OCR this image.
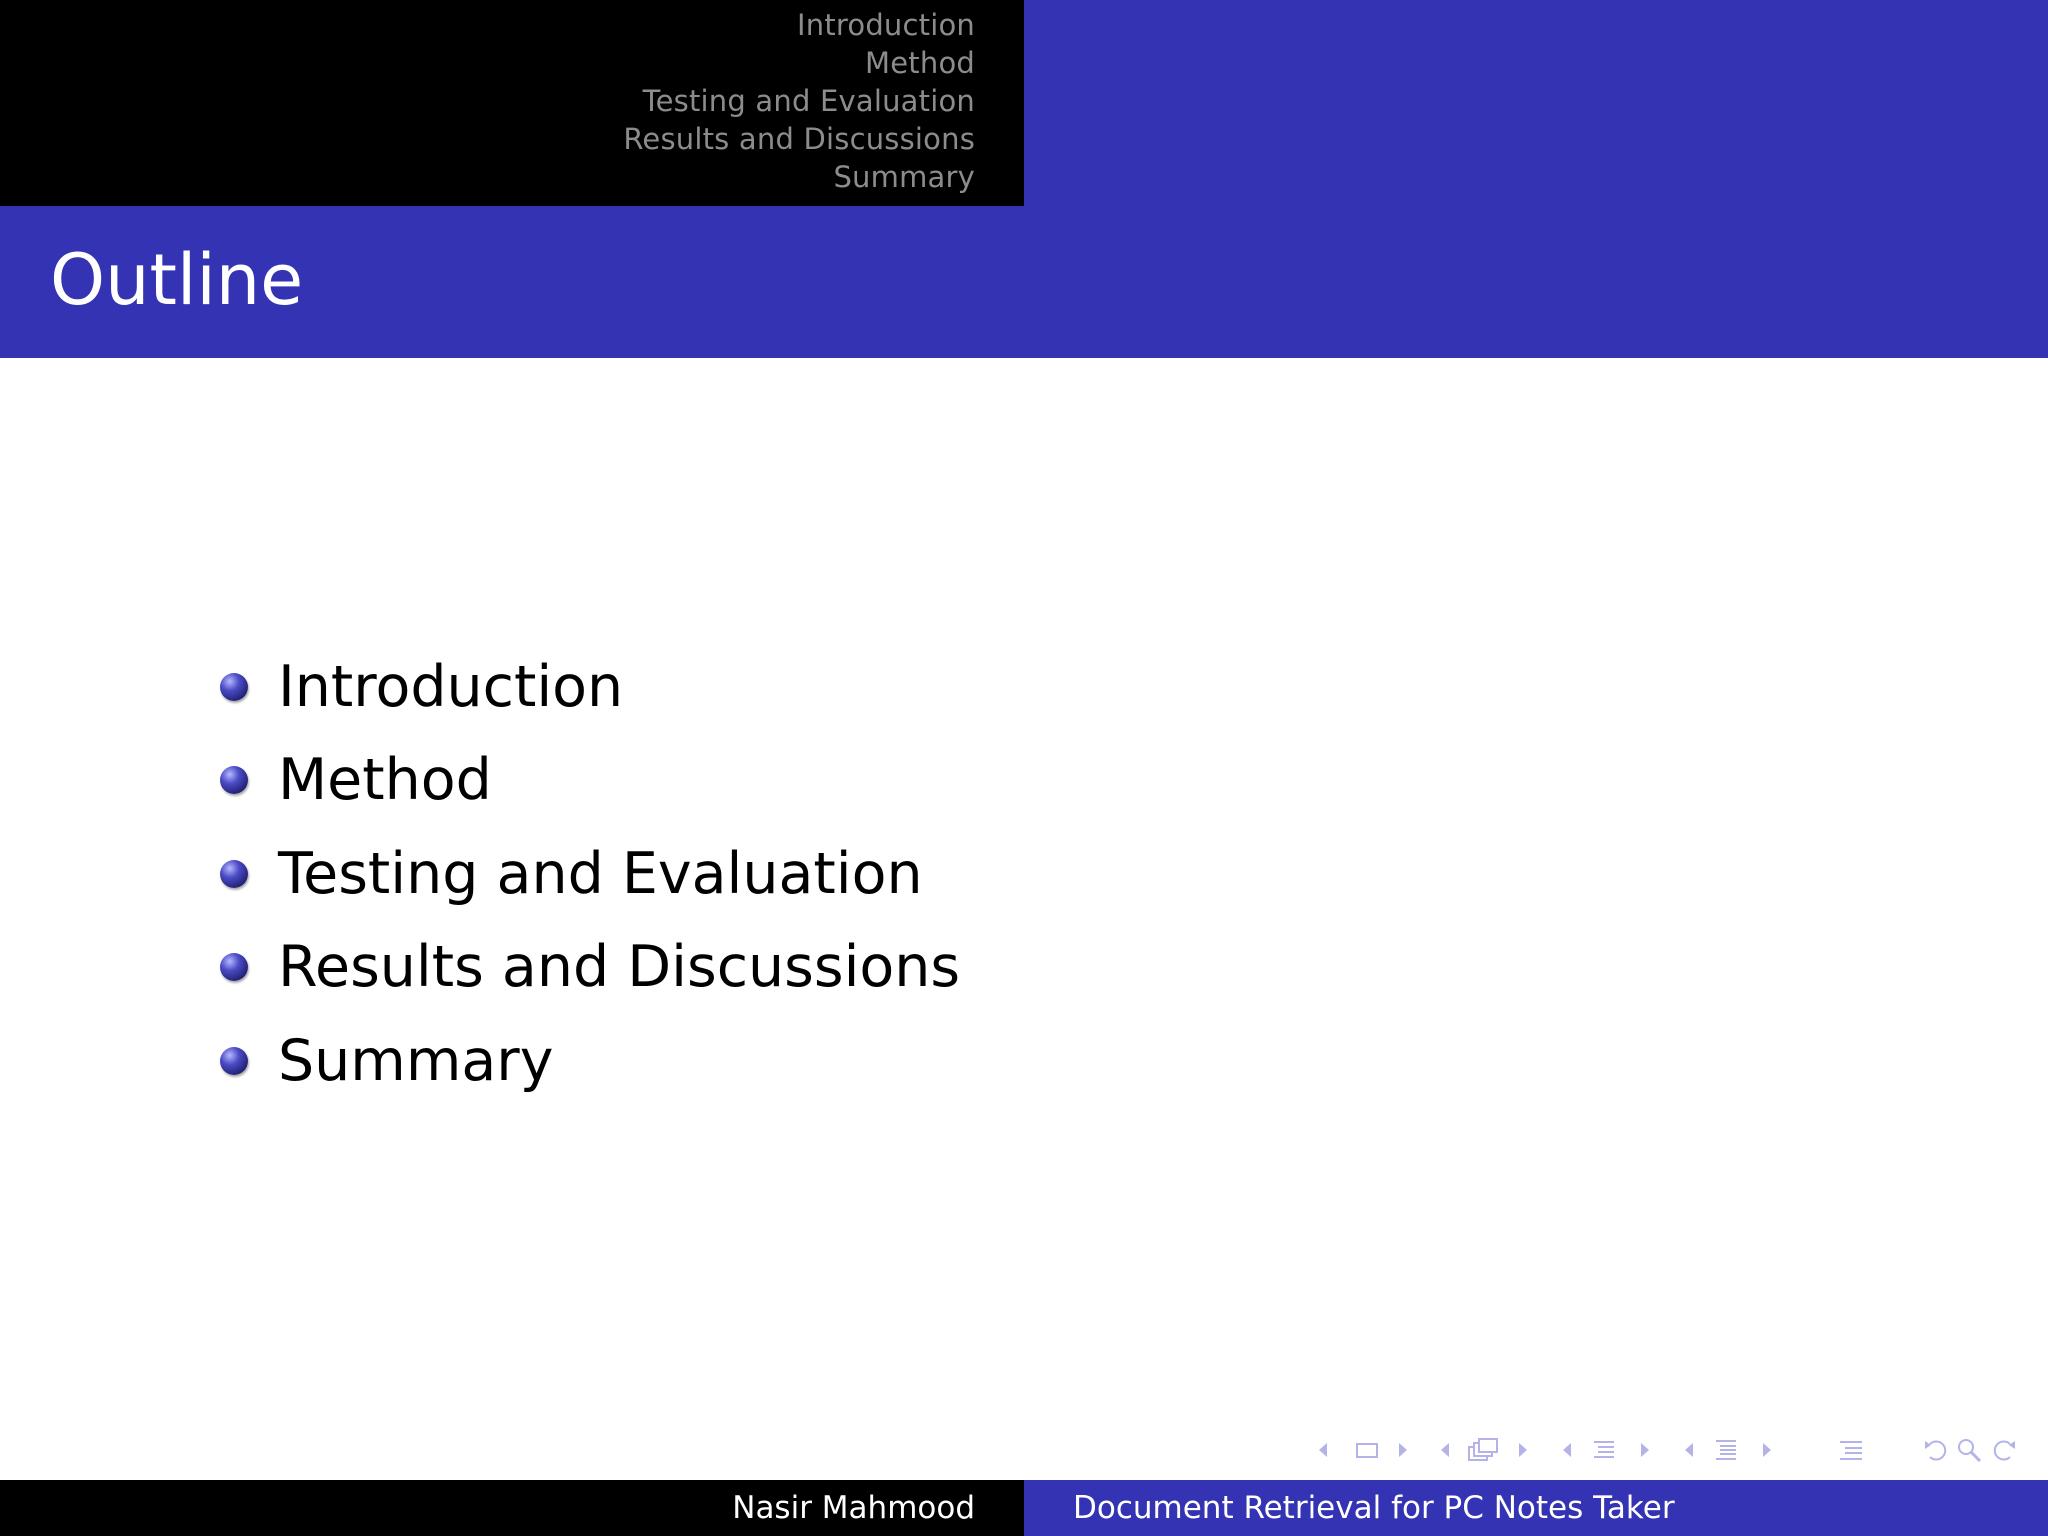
Introduction
Method
Testing and Evaluation
Results and Discussions
Summary
Outline
Introduction
Method
Testing and Evaluation
Results and Discussions
Summary
Nasir Mahmood	Document Retrieval for PC Notes Taker
